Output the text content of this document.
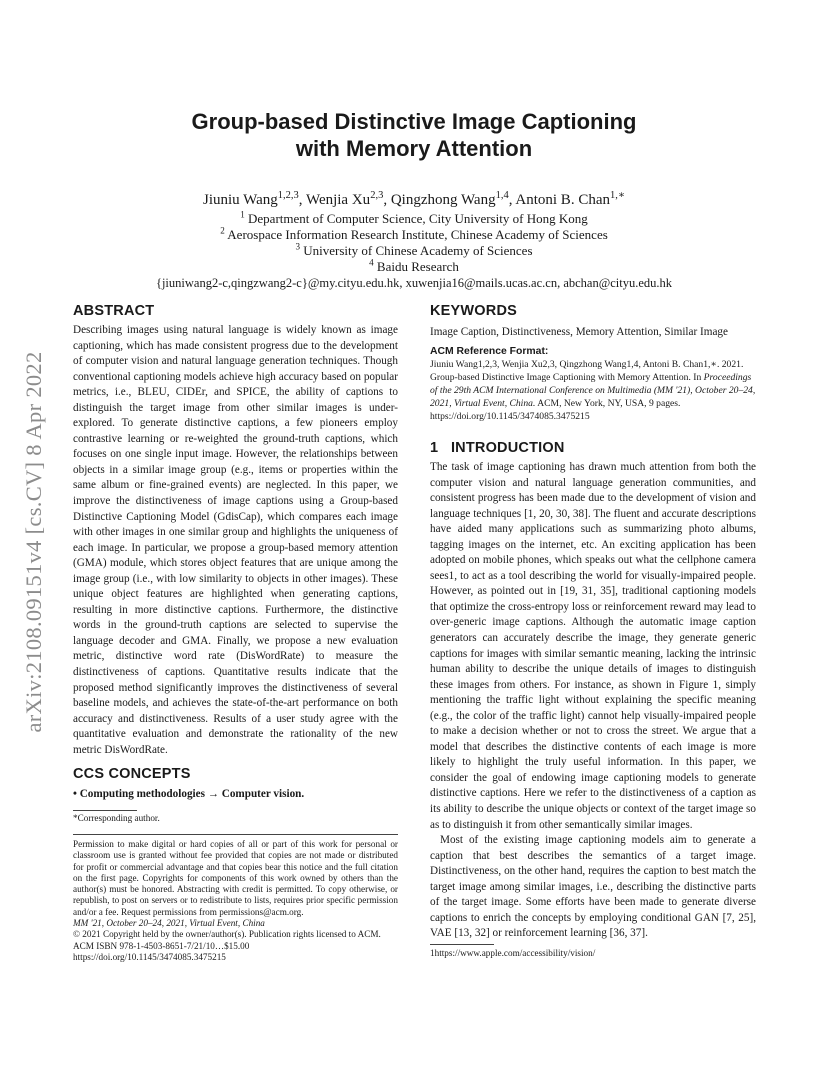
Group-based Distinctive Image Captioning
with Memory Attention
Jiuniu Wang$^{1,2,3}$, Wenjia Xu$^{2,3}$, Qingzhong Wang$^{1,4}$, Antoni B. Chan$^{1,∗}$
$^1$ Department of Computer Science, City University of Hong Kong
$^2$ Aerospace Information Research Institute, Chinese Academy of Sciences
$^3$ University of Chinese Academy of Sciences
$^4$ Baidu Research
{jiuniwang2-c,qingzwang2-c}@my.cityu.edu.hk, xuwenjia16@mails.ucas.ac.cn, abchan@cityu.edu.hk
arXiv:2108.09151v4 [cs.CV] 8 Apr 2022
ABSTRACT

Describing images using natural language is widely known as image captioning, which has made consistent progress due to the development of computer vision and natural language generation techniques. Though conventional captioning models achieve high accuracy based on popular metrics, i.e., BLEU, CIDEr, and SPICE, the ability of captions to distinguish the target image from other similar images is under-explored. To generate distinctive captions, a few pioneers employ contrastive learning or re-weighted the ground-truth captions, which focuses on one single input image. However, the relationships between objects in a similar image group (e.g., items or properties within the same album or fine-grained events) are neglected. In this paper, we improve the distinctiveness of image captions using a Group-based Distinctive Captioning Model (GdisCap), which compares each image with other images in one similar group and highlights the uniqueness of each image. In particular, we propose a group-based memory attention (GMA) module, which stores object features that are unique among the image group (i.e., with low similarity to objects in other images). These unique object features are highlighted when generating captions, resulting in more distinctive captions. Furthermore, the distinctive words in the ground-truth captions are selected to supervise the language decoder and GMA. Finally, we propose a new evaluation metric, distinctive word rate (DisWordRate) to measure the distinctiveness of captions. Quantitative results indicate that the proposed method significantly improves the distinctiveness of several baseline models, and achieves the state-of-the-art performance on both accuracy and distinctiveness. Results of a user study agree with the quantitative evaluation and demonstrate the rationality of the new metric DisWordRate.

CCS CONCEPTS

• Computing methodologies → Computer vision.

*Corresponding author.
Permission to make digital or hard copies of all or part of this work for personal or classroom use is granted without fee provided that copies are not made or distributed for profit or commercial advantage and that copies bear this notice and the full citation on the first page. Copyrights for components of this work owned by others than the author(s) must be honored. Abstracting with credit is permitted. To copy otherwise, or republish, to post on servers or to redistribute to lists, requires prior specific permission and/or a fee. Request permissions from permissions@acm.org.
MM '21, October 20–24, 2021, Virtual Event, China
© 2021 Copyright held by the owner/author(s). Publication rights licensed to ACM.
ACM ISBN 978-1-4503-8651-7/21/10…$15.00
https://doi.org/10.1145/3474085.3475215
KEYWORDS

Image Caption, Distinctiveness, Memory Attention, Similar Image

ACM Reference Format:

Jiuniu Wang1,2,3, Wenjia Xu2,3, Qingzhong Wang1,4, Antoni B. Chan1,∗. 2021. Group-based Distinctive Image Captioning with Memory Attention. In Proceedings of the 29th ACM International Conference on Multimedia (MM '21), October 20–24, 2021, Virtual Event, China. ACM, New York, NY, USA, 9 pages. https://doi.org/10.1145/3474085.3475215

1   INTRODUCTION

The task of image captioning has drawn much attention from both the computer vision and natural language generation communities, and consistent progress has been made due to the development of vision and language techniques [1, 20, 30, 38]. The fluent and accurate descriptions have aided many applications such as summarizing photo albums, tagging images on the internet, etc. An exciting application has been adopted on mobile phones, which speaks out what the cellphone camera sees1, to act as a tool describing the world for visually-impaired people. However, as pointed out in [19, 31, 35], traditional captioning models that optimize the cross-entropy loss or reinforcement reward may lead to over-generic image captions. Although the automatic image caption generators can accurately describe the image, they generate generic captions for images with similar semantic meaning, lacking the intrinsic human ability to describe the unique details of images to distinguish these images from others. For instance, as shown in Figure 1, simply mentioning the traffic light without explaining the specific meaning (e.g., the color of the traffic light) cannot help visually-impaired people to make a decision whether or not to cross the street. We argue that a model that describes the distinctive contents of each image is more likely to highlight the truly useful information. In this paper, we consider the goal of endowing image captioning models to generate distinctive captions. Here we refer to the distinctiveness of a caption as its ability to describe the unique objects or context of the target image so as to distinguish it from other semantically similar images.

Most of the existing image captioning models aim to generate a caption that best describes the semantics of a target image. Distinctiveness, on the other hand, requires the caption to best match the target image among similar images, i.e., describing the distinctive parts of the target image. Some efforts have been made to generate diverse captions to enrich the concepts by employing conditional GAN [7, 25], VAE [13, 32] or reinforcement learning [36, 37].

1https://www.apple.com/accessibility/vision/
